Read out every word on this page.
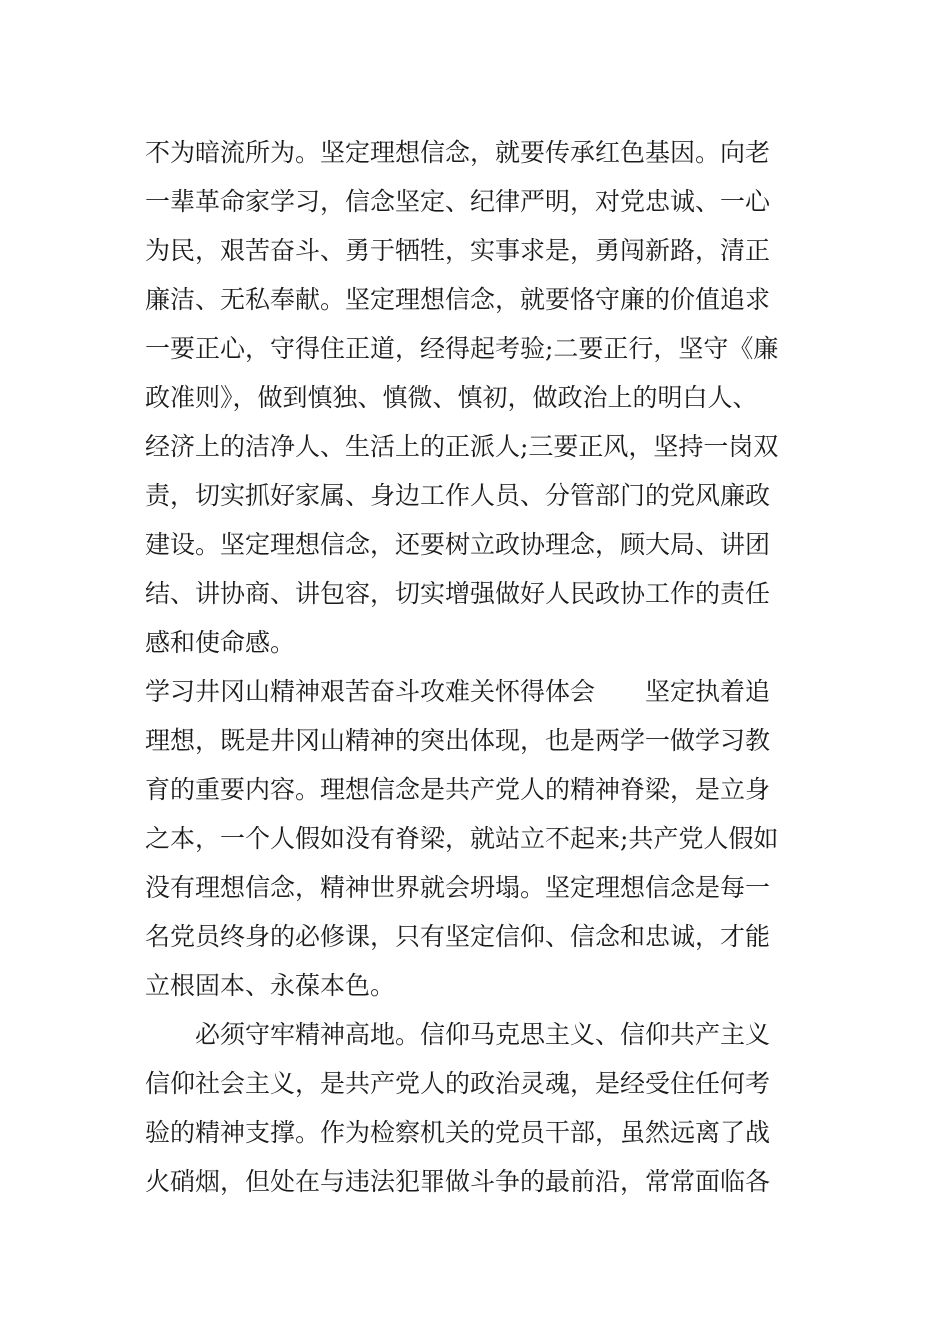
不为暗流所为。坚定理想信念，就要传承红色基因。向老
一辈革命家学习，信念坚定、纪律严明，对党忠诚、一心
为民，艰苦奋斗、勇于牺牲，实事求是，勇闯新路，清正
廉洁、无私奉献。坚定理想信念，就要恪守廉的价值追求
一要正心，守得住正道，经得起考验;二要正行，坚守《廉
政准则》，做到慎独、慎微、慎初，做政治上的明白人、
经济上的洁净人、生活上的正派人;三要正风，坚持一岗双
责，切实抓好家属、身边工作人员、分管部门的党风廉政
建设。坚定理想信念，还要树立政协理念，顾大局、讲团
结、讲协商、讲包容，切实增强做好人民政协工作的责任
感和使命感。
学习井冈山精神艰苦奋斗攻难关怀得体会　　坚定执着追
理想，既是井冈山精神的突出体现，也是两学一做学习教
育的重要内容。理想信念是共产党人的精神脊梁，是立身
之本，一个人假如没有脊梁，就站立不起来;共产党人假如
没有理想信念，精神世界就会坍塌。坚定理想信念是每一
名党员终身的必修课，只有坚定信仰、信念和忠诚，才能
立根固本、永葆本色。
　　必须守牢精神高地。信仰马克思主义、信仰共产主义
信仰社会主义，是共产党人的政治灵魂，是经受住任何考
验的精神支撑。作为检察机关的党员干部，虽然远离了战
火硝烟，但处在与违法犯罪做斗争的最前沿，常常面临各
